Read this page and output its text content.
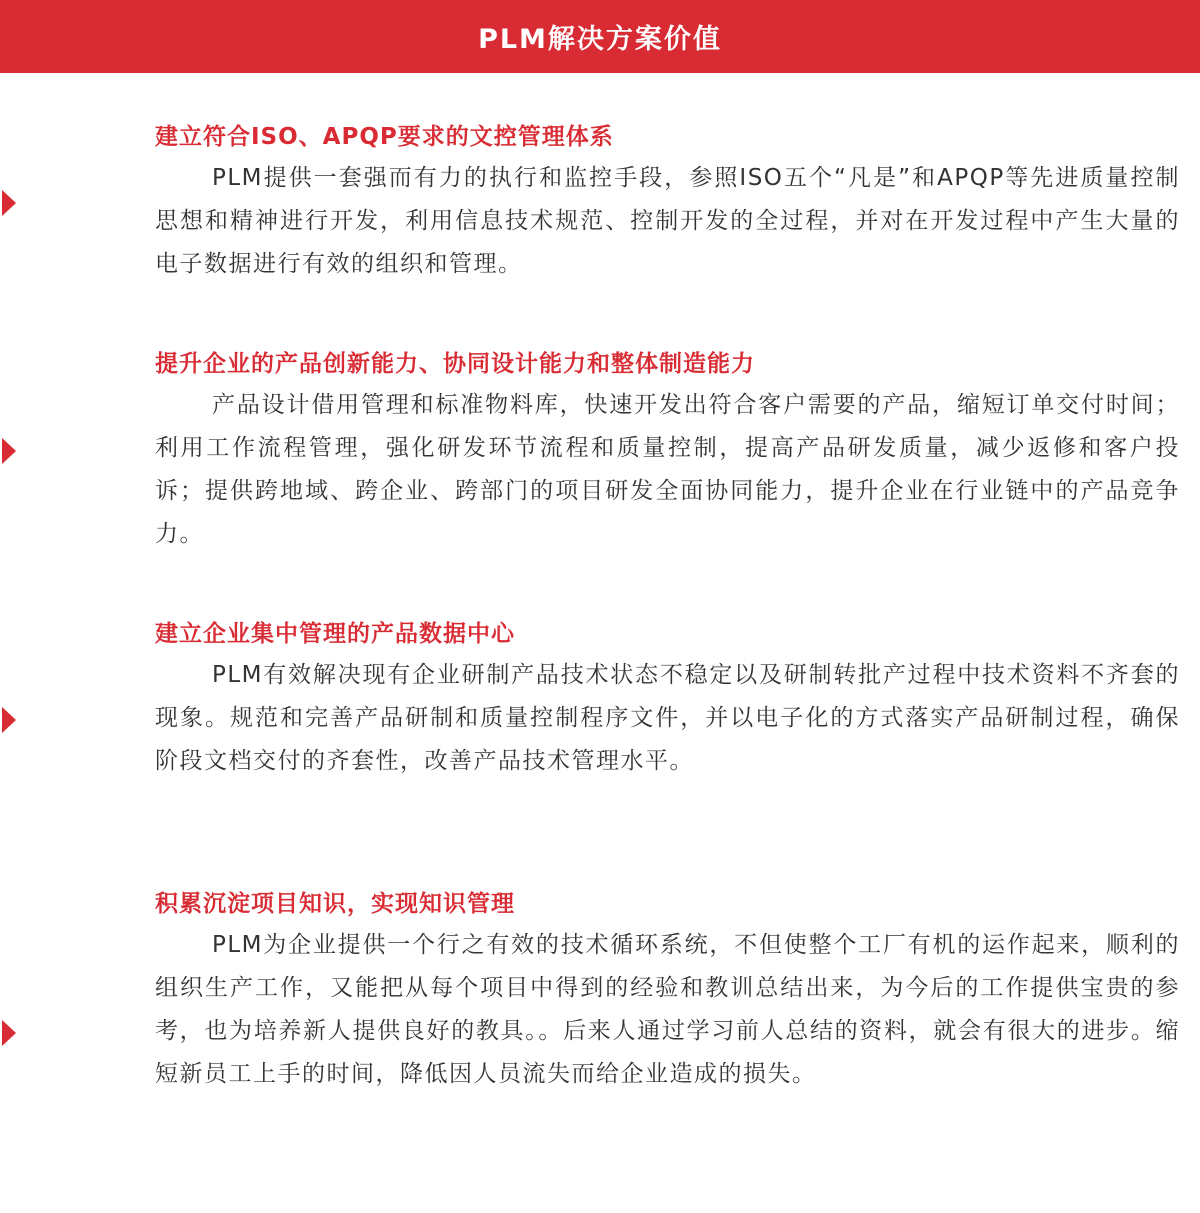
PLM解决方案价值
建立符合ISO、APQP要求的文控管理体系

PLM提供一套强而有力的执行和监控手段，参照ISO五个“凡是”和APQP等先进质量控制思想和精神进行开发，利用信息技术规范、控制开发的全过程，并对在开发过程中产生大量的电子数据进行有效的组织和管理。

提升企业的产品创新能力、协同设计能力和整体制造能力

产品设计借用管理和标准物料库，快速开发出符合客户需要的产品，缩短订单交付时间；利用工作流程管理，强化研发环节流程和质量控制，提高产品研发质量，减少返修和客户投诉；提供跨地域、跨企业、跨部门的项目研发全面协同能力，提升企业在行业链中的产品竞争力。

建立企业集中管理的产品数据中心

PLM有效解决现有企业研制产品技术状态不稳定以及研制转批产过程中技术资料不齐套的现象。规范和完善产品研制和质量控制程序文件，并以电子化的方式落实产品研制过程，确保阶段文档交付的齐套性，改善产品技术管理水平。

积累沉淀项目知识，实现知识管理

PLM为企业提供一个行之有效的技术循环系统，不但使整个工厂有机的运作起来，顺利的组织生产工作，又能把从每个项目中得到的经验和教训总结出来，为今后的工作提供宝贵的参考，也为培养新人提供良好的教具。。后来人通过学习前人总结的资料，就会有很大的进步。缩短新员工上手的时间，降低因人员流失而给企业造成的损失。
